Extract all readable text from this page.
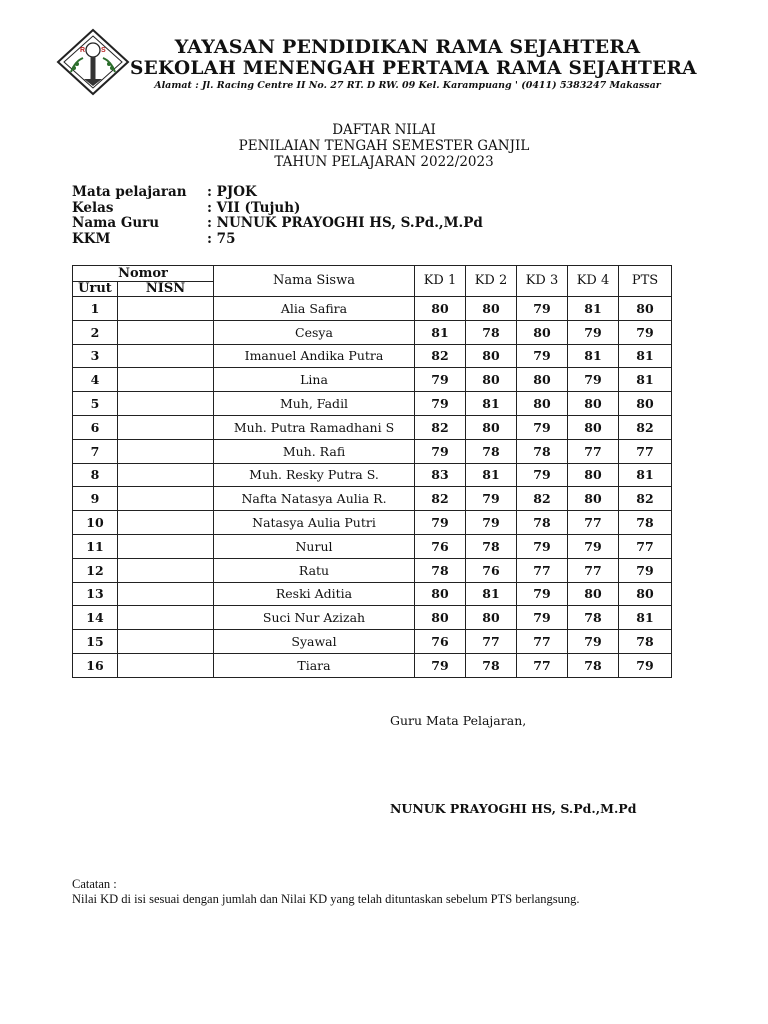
R S	YAYASAN PENDIDIKAN RAMA SEJAHTERA
SEKOLAH MENENGAH PERTAMA RAMA SEJAHTERA
Alamat : Jl. Racing Centre II No. 27 RT. D RW. 09 Kel. Karampuang ' (0411) 5383247 Makassar
DAFTAR NILAI
PENILAIAN TENGAH SEMESTER GANJIL
TAHUN PELAJARAN 2022/2023
Mata pelajaran : PJOK
Kelas	: VII (Tujuh)
Nama Guru	: NUNUK PRAYOGHI HS, S.Pd.,M.Pd
KKM	: 75
Nomor		Nama Siswa	KD 1	KD 2	KD 3	KD 4	PTS
Urut	NISN						
1		Alia Safira	80	80	79	81	80
2		Cesya	81	78	80	79	79
3		Imanuel Andika Putra	82	80	79	81	81
4		Lina	79	80	80	79	81
5		Muh, Fadil	79	81	80	80	80
6		Muh. Putra Ramadhani S	82	80	79	80	82
7		Muh. Rafi	79	78	78	77	77
8		Muh. Resky Putra S.	83	81	79	80	81
9		Nafta Natasya Aulia R.	82	79	82	80	82
10		Natasya Aulia Putri	79	79	78	77	78
11		Nurul	76	78	79	79	77
12		Ratu	78	76	77	77	79
13		Reski Aditia	80	81	79	80	80
14		Suci Nur Azizah	80	80	79	78	81
15		Syawal	76	77	77	79	78
16		Tiara	79	78	77	78	79
Guru Mata Pelajaran,
NUNUK PRAYOGHI HS, S.Pd.,M.Pd
Catatan :
Nilai KD di isi sesuai dengan jumlah dan Nilai KD yang telah dituntaskan sebelum PTS berlangsung.
